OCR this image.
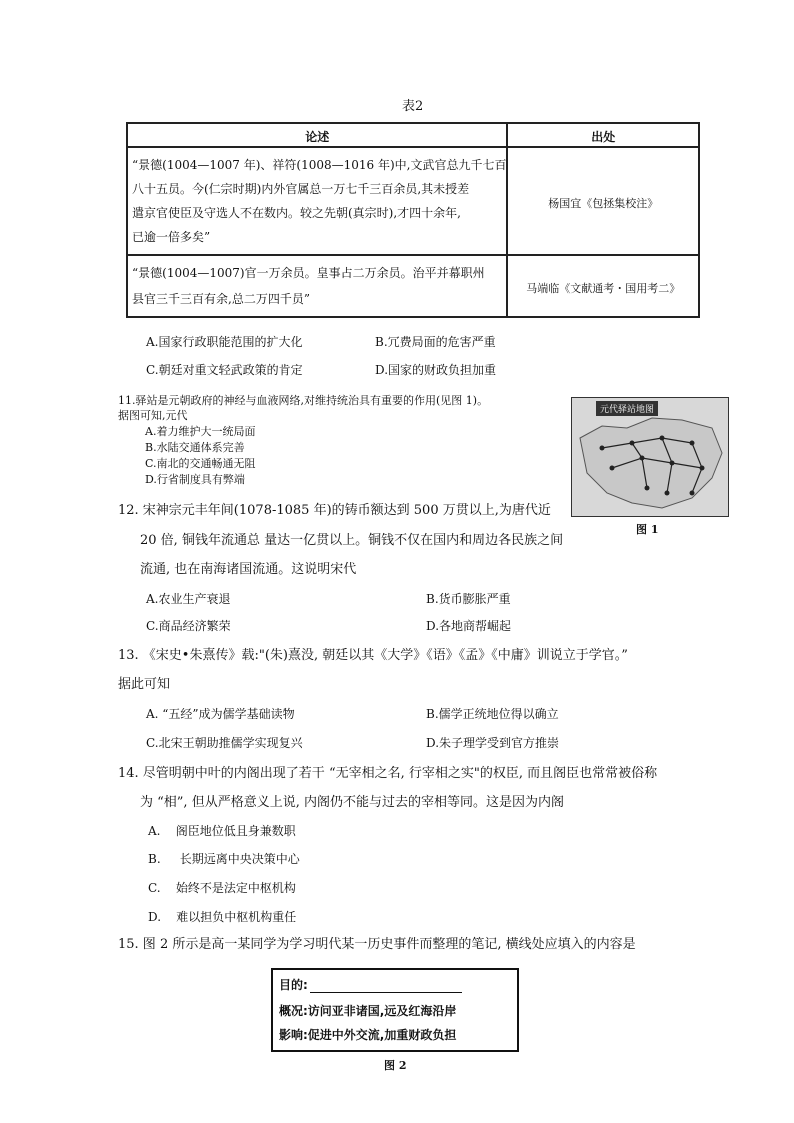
表2
论述	出处

“景德(1004—1007 年)、祥符(1008—1016 年)中,文武官总九千七百
八十五员。今(仁宗时期)内外官属总一万七千三百余员,其未授差
遣京官使臣及守选人不在数内。较之先朝(真宗时),才四十余年,
已逾一倍多矣”	杨国宜《包拯集校注》

“景德(1004—1007)官一万余员。皇事占二万余员。治平并幕职州
县官三千三百有余,总二万四千员”	马端临《文献通考・国用考二》
A.国家行政职能范围的扩大化	B.冗费局面的危害严重
C.朝廷对重文轻武政策的肯定	D.国家的财政负担加重
11.驿站是元朝政府的神经与血液网络,对维持统治具有重要的作用(见图 1)。
据图可知,元代
A.着力维护大一统局面
B.水陆交通体系完善
C.南北的交通畅通无阻
D.行省制度具有弊端
元代驿站地图
图 1
12. 宋神宗元丰年间(1078-1085 年)的铸币额达到 500 万贯以上,为唐代近
20 倍, 铜钱年流通总 量达一亿贯以上。铜钱不仅在国内和周边各民族之间
流通, 也在南海诸国流通。这说明宋代
A.农业生产衰退	B.货币膨胀严重
C.商品经济繁荣	D.各地商帮崛起
13. 《宋史•朱熹传》载:"(朱)熹没, 朝廷以其《大学》《语》《孟》《中庸》训说立于学官。”
据此可知
A. “五经”成为儒学基础读物	B.儒学正统地位得以确立
C.北宋王朝助推儒学实现复兴	D.朱子理学受到官方推崇
14. 尽管明朝中叶的内阁出现了若干 “无宰相之名, 行宰相之实"的权臣, 而且阁臣也常常被俗称
为 “相”, 但从严格意义上说, 内阁仍不能与过去的宰相等同。这是因为内阁
A.    阁臣地位低且身兼数职
B.     长期远离中央决策中心
C.    始终不是法定中枢机构
D.    难以担负中枢机构重任
15. 图 2 所示是高一某同学为学习明代某一历史事件而整理的笔记, 横线处应填入的内容是
目的:
概况:访问亚非诸国,远及红海沿岸
影响:促进中外交流,加重财政负担
图 2
